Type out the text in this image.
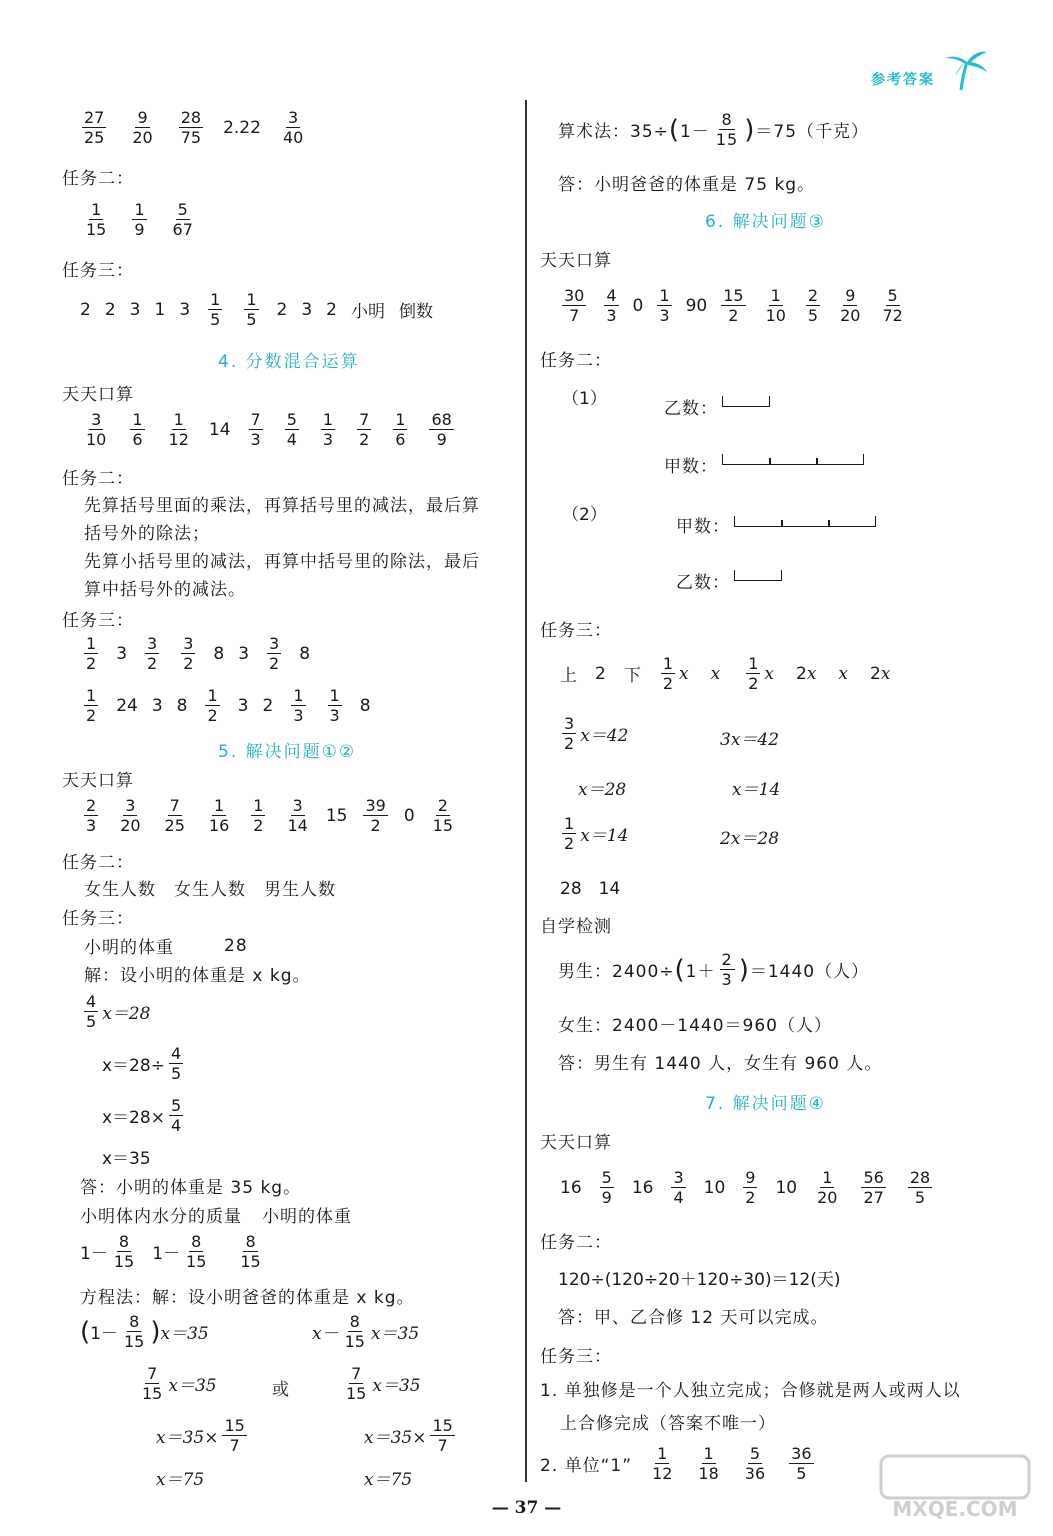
参考答案
$\frac{27}{25} \frac{9}{20} \frac{28}{75} 2.22 \frac{3}{40}$
任务二：
$\frac{1}{15} \frac{1}{9} \frac{5}{67}$
任务三：
2 2 3 1 $3 \frac{1}{5} \frac{1}{5} 2$ 3 2 小明 倒数
4. 分数混合运算
天天口算
$\frac{3}{10} \frac{1}{6} \frac{1}{12} 14 \frac{7}{3} \frac{5}{4} \frac{1}{3} \frac{7}{2} \frac{1}{6} \frac{68}{9}$
任务二：
先算括号里面的乘法，再算括号里的减法，最后算
括号外的除法；
先算小括号里的减法，再算中括号里的除法，最后
算中括号外的减法。
任务三：
$\frac{1}{2} 3 \frac{3}{2} \frac{3}{2} 8$ $3 \frac{3}{2} 8$
$\frac{1}{2} 24$ 3 $8 \frac{1}{2} 3$ $2 \frac{1}{3} \frac{1}{3} 8$
5. 解决问题①②
天天口算
$\frac{2}{3} \frac{3}{20} \frac{7}{25} \frac{1}{16} \frac{1}{2} \frac{3}{14} 15 \frac{39}{2} 0 \frac{2}{15}$
任务二：
女生人数　女生人数　男生人数
任务三：
小明的体重	28
解：设小明的体重是 x kg。
$\frac{4}{5} x=28$
$x=28\div \frac{4}{5}$
$x=28\times \frac{5}{4}$
x＝35
答：小明的体重是 35 kg。
小明体内水分的质量 小明的体重
$1- \frac{8}{15} 1- \frac{8}{15} \frac{8}{15}$
方程法：解：设小明爸爸的体重是 x kg。
( $1- \frac{8}{15}$ ) x＝35	$x- \frac{8}{15} x=35$
$\frac{7}{15} x=35$	或	$\frac{7}{15} x=35$
$x=35\times \frac{15}{7}$	$x=35\times \frac{15}{7}$
x＝75	x＝75
算术法：35÷ ( $1- \frac{8}{15}$ ) ＝75（千克）
答：小明爸爸的体重是 75 kg。
6. 解决问题③
天天口算
$\frac{30}{7} \frac{4}{3} 0 \frac{1}{3} 90 \frac{15}{2} \frac{1}{10} \frac{2}{5} \frac{9}{20} \frac{5}{72}$
任务二：
（1）	乙数：
甲数：
（2）
甲数：
乙数：
任务三：
上 2 下 $\frac{1}{2}$ x x $\frac{1}{2}$ x 2 x x 2 x
$\frac{3}{2} x=42$	3x＝42
x＝28	x＝14
$\frac{1}{2} x=14$	2x＝28
28　14
自学检测
男生：2400÷ ( $1+ \frac{2}{3}$ ) ＝1440（人）
女生：2400－1440＝960（人）
答：男生有 1440 人，女生有 960 人。
7. 解决问题④
天天口算
$16 \frac{5}{9} 16 \frac{3}{4} 10 \frac{9}{2} 10 \frac{1}{20} \frac{56}{27} \frac{28}{5}$
任务二：
120÷(120÷20＋120÷30)＝12(天)
答：甲、乙合修 12 天可以完成。
任务三：
1. 单独修是一个人独立完成；合修就是两人或两人以
上合修完成（答案不唯一）
2. 单位“1” $\frac{1}{12} \frac{1}{18} \frac{5}{36} \frac{36}{5}$
— 37 —	MXQE.COM
